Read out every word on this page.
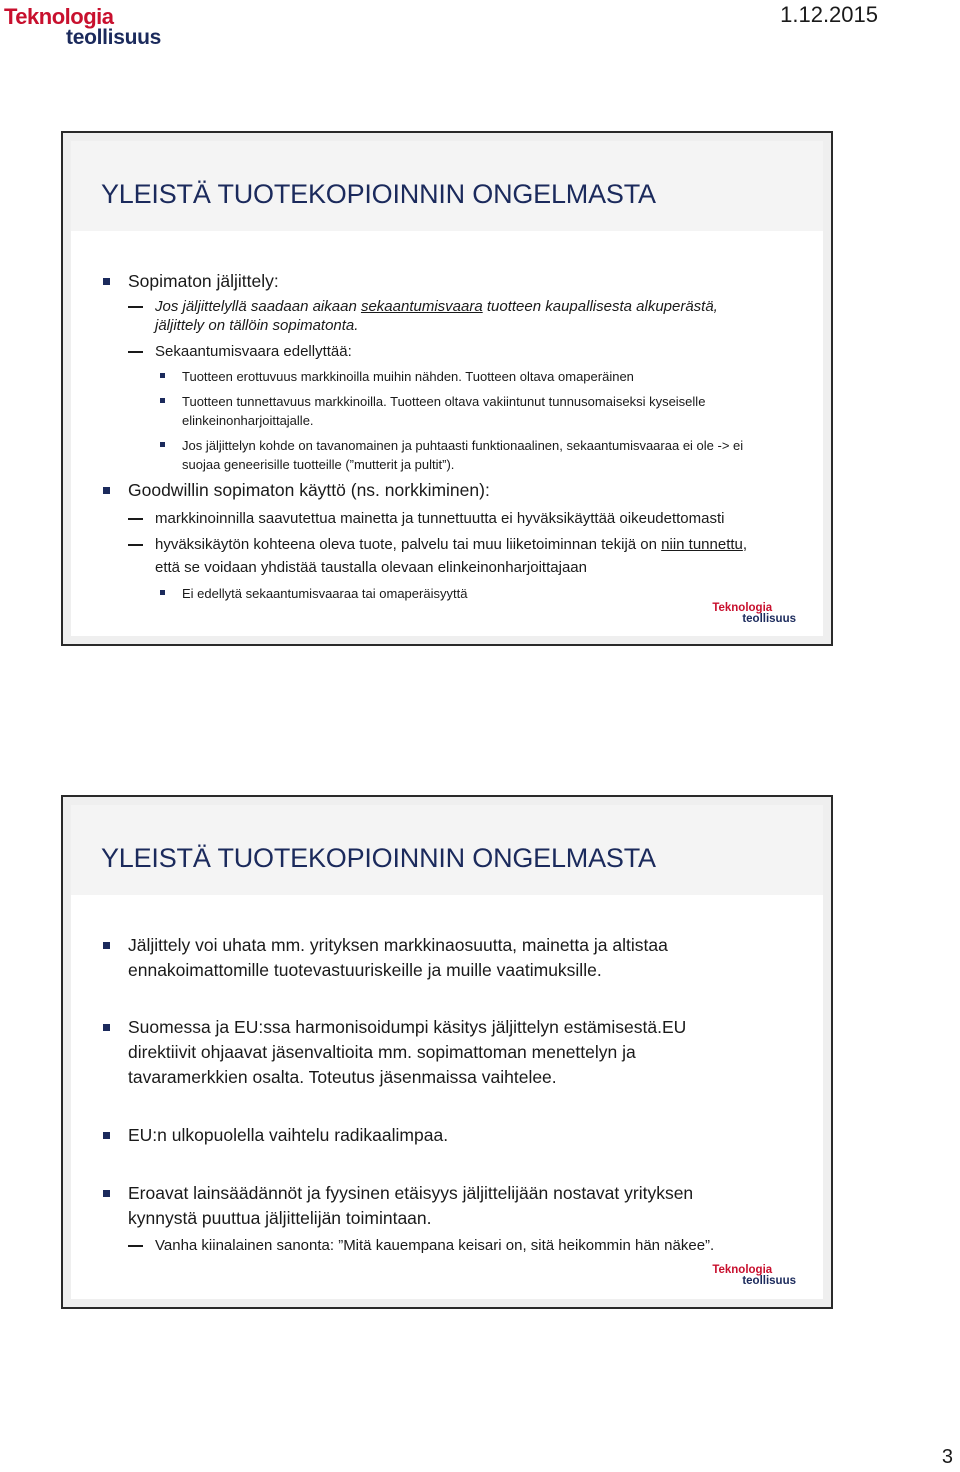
Teknologia
teollisuus
1.12.2015
YLEISTÄ TUOTEKOPIOINNIN ONGELMASTA
Sopimaton jäljittely:
Jos jäljittelyllä saadaan aikaan sekaantumisvaara tuotteen kaupallisesta alkuperästä,
jäljittely on tällöin sopimatonta.
Sekaantumisvaara edellyttää:
Tuotteen erottuvuus markkinoilla muihin nähden. Tuotteen oltava omaperäinen
Tuotteen tunnettavuus markkinoilla. Tuotteen oltava vakiintunut tunnusomaiseksi kyseiselle
elinkeinonharjoittajalle.
Jos jäljittelyn kohde on tavanomainen ja puhtaasti funktionaalinen, sekaantumisvaaraa ei ole -> ei
suojaa geneerisille tuotteille (”mutterit ja pultit”).
Goodwillin sopimaton käyttö (ns. norkkiminen):
markkinoinnilla saavutettua mainetta ja tunnettuutta ei hyväksikäyttää oikeudettomasti
hyväksikäytön kohteena oleva tuote, palvelu tai muu liiketoiminnan tekijä on niin tunnettu,
että se voidaan yhdistää taustalla olevaan elinkeinonharjoittajaan
Ei edellytä sekaantumisvaaraa tai omaperäisyyttä
Teknologia
teollisuus
YLEISTÄ TUOTEKOPIOINNIN ONGELMASTA
Jäljittely voi uhata mm. yrityksen markkinaosuutta, mainetta ja altistaa
ennakoimattomille tuotevastuuriskeille ja muille vaatimuksille.
Suomessa ja EU:ssa harmonisoidumpi käsitys jäljittelyn estämisestä.EU
direktiivit ohjaavat jäsenvaltioita mm. sopimattoman menettelyn ja
tavaramerkkien osalta. Toteutus jäsenmaissa vaihtelee.
EU:n ulkopuolella vaihtelu radikaalimpaa.
Eroavat lainsäädännöt ja fyysinen etäisyys jäljittelijään nostavat yrityksen
kynnystä puuttua jäljittelijän toimintaan.
Vanha kiinalainen sanonta: ”Mitä kauempana keisari on, sitä heikommin hän näkee”.
Teknologia
teollisuus
3
